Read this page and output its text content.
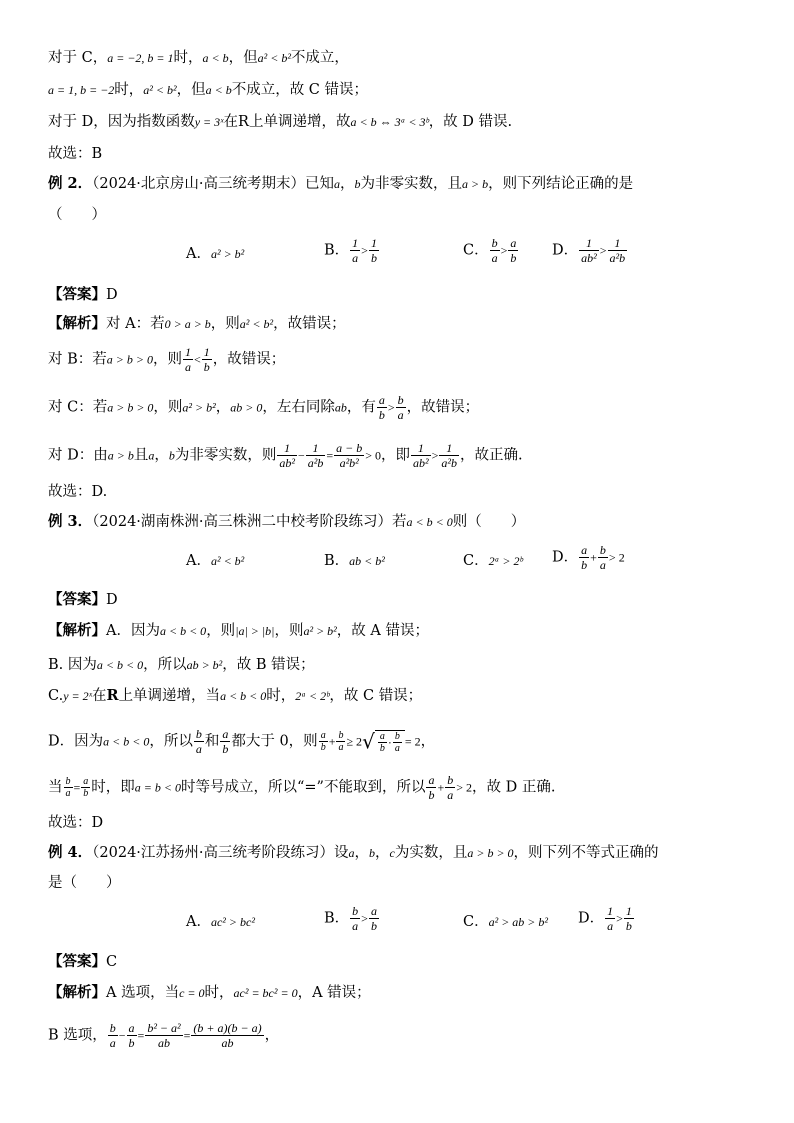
对于 C，a = −2, b = 1时，a < b，但a² < b²不成立，
a = 1, b = −2时，a² < b²，但a < b不成立，故 C 错误；
对于 D，因为指数函数y = 3ˣ在R上单调递增，故a < b ⇔ 3ᵃ < 3ᵇ，故 D 错误.
故选：B
例 2．（2024·北京房山·高三统考期末）已知a，b为非零实数，且a > b，则下列结论正确的是
（　　）
A．a² > b²	B． $\frac{1}{a} > \frac{1}{b}$	C． $\frac{b}{a} > \frac{a}{b}$ D． $\frac{1}{\text{ab²}} > \frac{1}{\text{a²b}}$
【答案】D
【解析】对 A：若0 > a > b，则a² < b²，故错误；
对 B：若a > b > 0，则 $\frac{1}{a} < \frac{1}{b}$ ，故错误；
对 C：若a > b > 0，则a² > b²，ab > 0，左右同除ab，有 $\frac{a}{b} > \frac{b}{a}$ ，故错误；
对 D：由a > b且a，b为非零实数，则 $\frac{1}{\text{ab²}} - \frac{1}{\text{a²b}} = \frac{a - b}{\text{a²b²}} > 0$，即 $\frac{1}{\text{ab²}} > \frac{1}{\text{a²b}}$ ，故正确.
故选：D.
例 3．（2024·湖南株洲·高三株洲二中校考阶段练习）若a < b < 0则（　　）
A．a² < b²	B．ab < b²	C．2ᵃ > 2ᵇ D． $\frac{a}{b} + \frac{b}{a} > 2$
【答案】D
【解析】A．因为a < b < 0，则|a| > |b|，则a² > b²，故 A 错误；
B. 因为a < b < 0，所以ab > b²，故 B 错误；
C.y = 2ˣ在R上单调递增，当a < b < 0时，2ᵃ < 2ᵇ，故 C 错误；
D．因为a < b < 0，所以 $\frac{b}{a}$ 和 $\frac{a}{b}$ 都大于 0，则 $\frac{a}{b} + \frac{b}{a} \ge 2√ \frac{a}{b} \cdot \frac{b}{a} = 2$，
当 $\frac{b}{a} = \frac{a}{b}$ 时，即a = b < 0时等号成立，所以“=”不能取到，所以 $\frac{a}{b} + \frac{b}{a} > 2$，故 D 正确.
故选：D
例 4．（2024·江苏扬州·高三统考阶段练习）设a，b，c为实数，且a > b > 0，则下列不等式正确的
是（　　）
A．ac² > bc²	B． $\frac{b}{a} > \frac{a}{b}$	C．a² > ab > b² D． $\frac{1}{a} > \frac{1}{b}$
【答案】C
【解析】A 选项，当c = 0时，ac² = bc² = 0，A 错误；
B 选项， $\frac{b}{a} - \frac{a}{b} = \frac{\text{b² − a²}}{ab} = \frac{(b + a)(b - a)}{ab}$ ，
